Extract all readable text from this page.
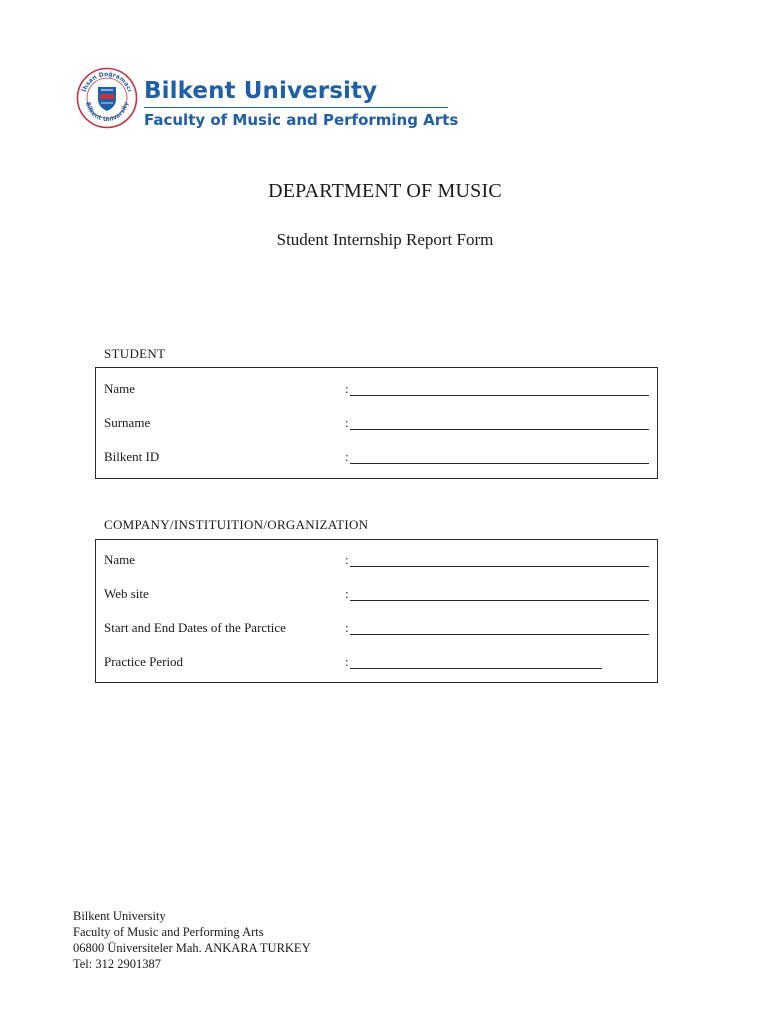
İhsan Doğramacı
Bilkent University
Bilkent University
Faculty of Music and Performing Arts
DEPARTMENT OF MUSIC
Student Internship Report Form
STUDENT
Name	:
Surname	:
Bilkent ID	:
COMPANY/INSTITUITION/ORGANIZATION
Name	:
Web site	:
Start and End Dates of the Parctice	:
Practice Period	:
Bilkent University
Faculty of Music and Performing Arts
06800 Üniversiteler Mah. ANKARA TURKEY
Tel: 312 2901387
